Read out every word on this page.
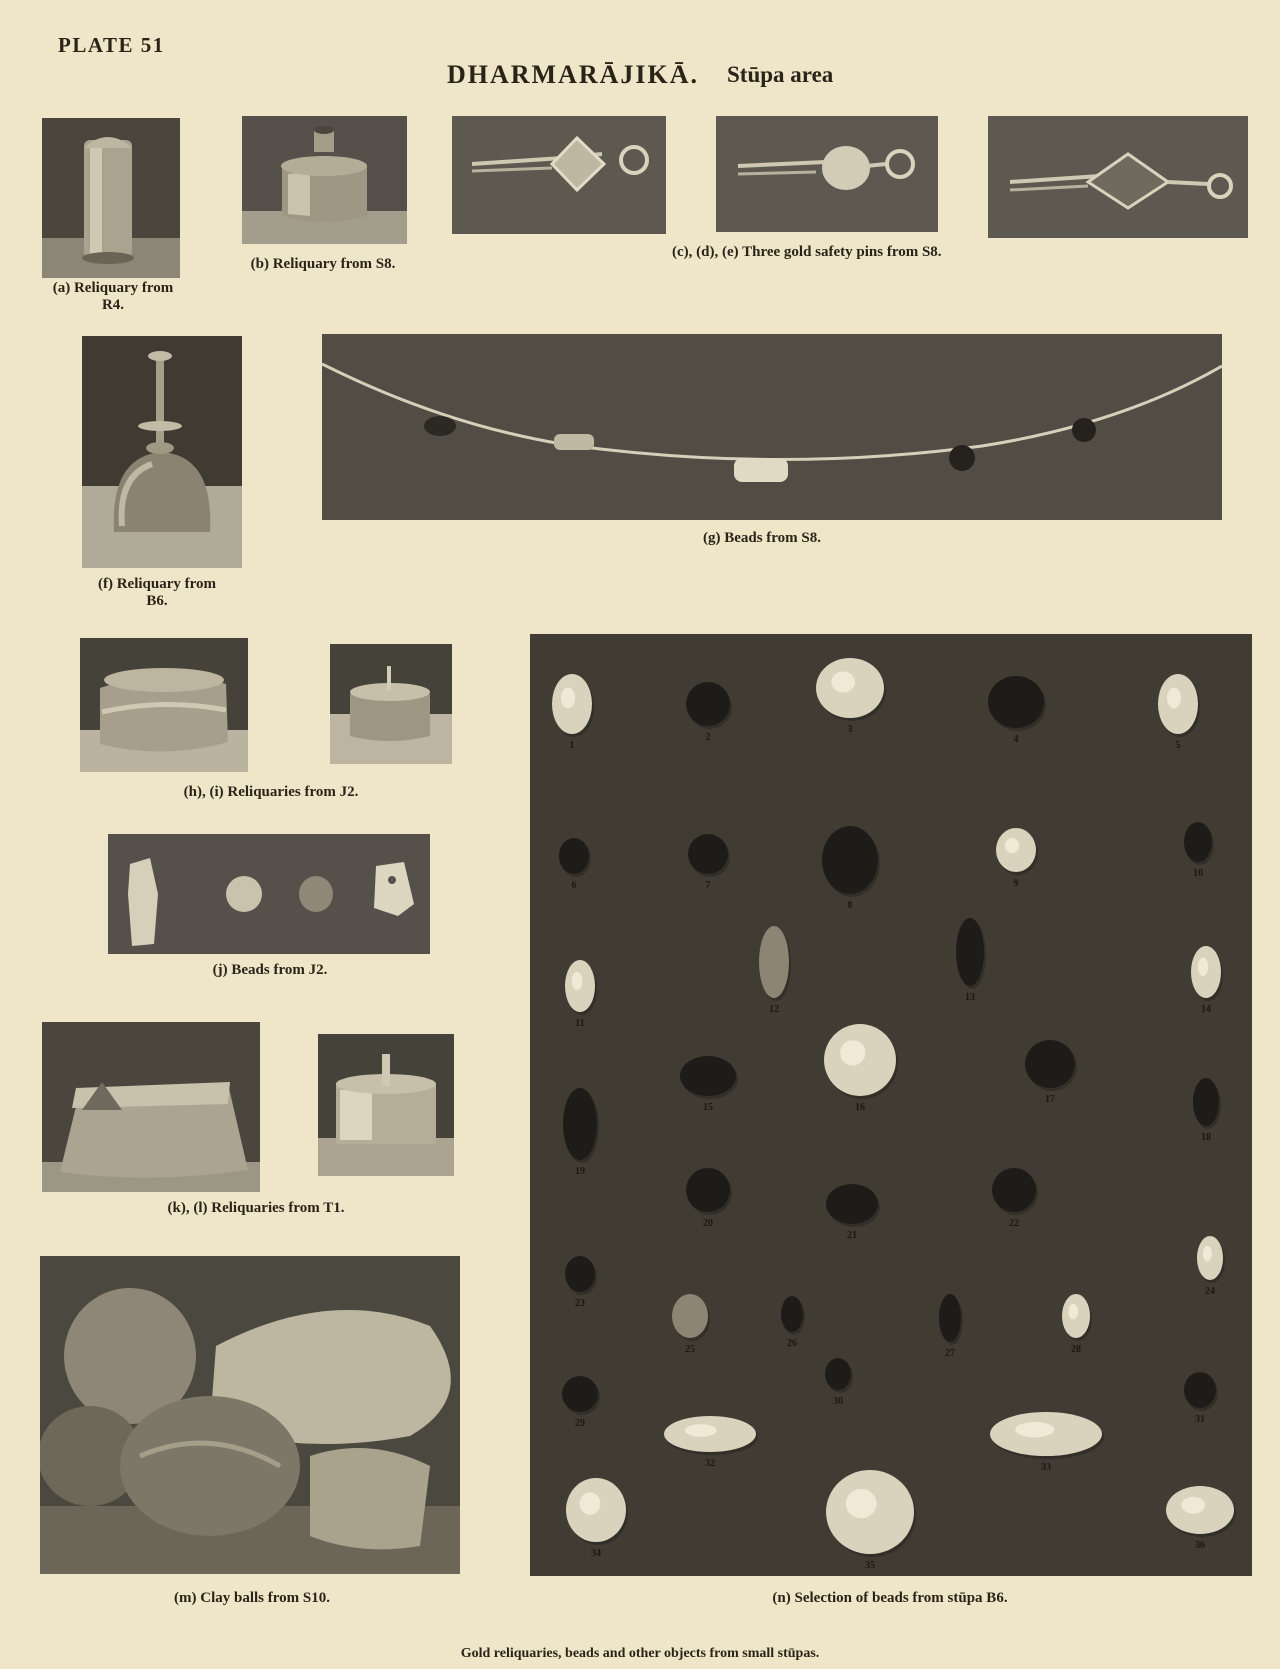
PLATE 51
DHARMARĀJIKĀ. Stūpa area
(a) Reliquary from R4.
(b) Reliquary from S8.
(c), (d), (e) Three gold safety pins from S8.
(f) Reliquary from B6.
(g) Beads from S8.
(h), (i) Reliquaries from J2.
(j) Beads from J2.
(k), (l) Reliquaries from T1.
(m) Clay balls from S10.
1
2
3
4
5
6	7
8
9
10
11
12
13
14
15	16
17
18
19
20
21
22
23
24
25
26
27	28
29
30
31
32	33
34
35
36
(n) Selection of beads from stūpa B6.
Gold reliquaries, beads and other objects from small stūpas.
